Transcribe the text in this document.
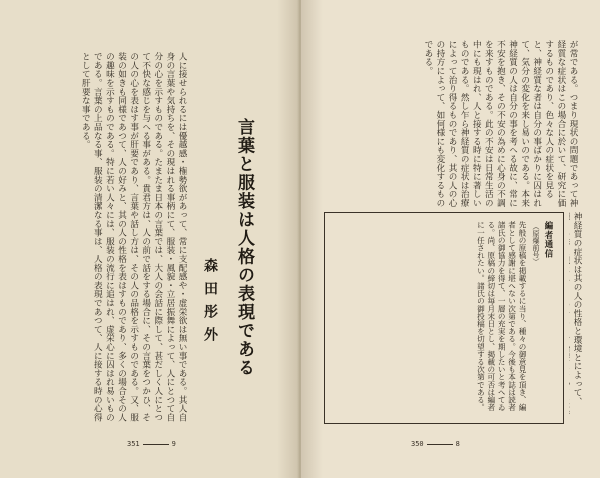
言葉と服装は人格の表現である
森田彤外
人に接せられるには優越感・権勢欲があって、常に支配感や・虚栄欲は無い事である。其人自身の言葉や気持ちを、その現はれる事柄にて、服装・風貌・立居振舞によって、人にとつて自分の心を示すものである。たまたま日本の言葉では、大人の会話に際して、甚だしく人にとつて不快な感じを与へる事がある。貴君方は、人の前で話をする場合に、その言葉をつかひ、その人の心を表はす事が肝要であり、言葉や話し方は、その人の品格を示すものである。又、服装の如きも同様であつて、人の好みと、其の人の性格を表はすものであり、多くの場合その人の趣味を示すものである。特に若い人々には、服装の流行に追はれ、虚栄心に囚はれ易いものである。言葉の上品なる事、服装の清潔なる事は、人格の表現であつて、人に接する時の心得として肝要な事である。
351	9
が常である。つまり現状の問題であって神経質な症状はこの場合に於いて、研究に価するものであり、色々な人の症状を見ると、神経質な者は自分の事ばかりに囚はれて、気分の変化を来し易いのである。本来神経質の人は自分の事を考へる故に、常に不安を抱き、その不安の為めに心身の不調を来すものである。此の不安は日常生活の中にも現はれ、人と接する時に特に著しいものである。然し乍ら神経質の症状は治療によって治り得るものであり、其の人の心の持方によって、如何様にも変化するものである。
編者通信
（原爆前号）
先般の原稿を掲載するに当り、種々の御意見を頂き、編者として感謝に堪へない次第である。今後も本誌は読者諸氏の御協力を得て、一層の充実を期したいと考へてゐる。尚、原稿の締切は毎月末日とし、掲載の可否は編者に一任されたい。諸氏の御投稿を切望する次第である。
神経質の症状は其の人の性格と環境とによって、
350	8
